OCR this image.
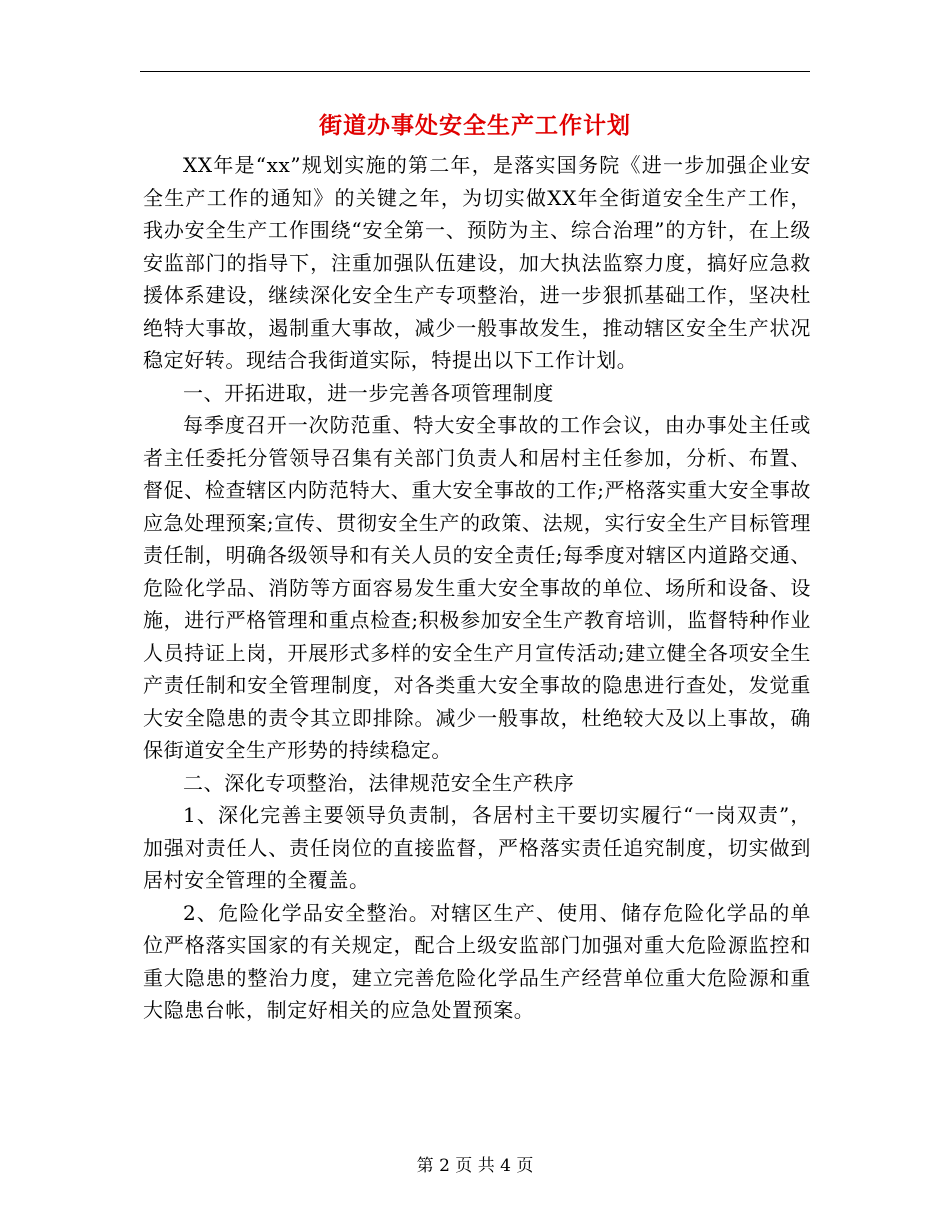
街道办事处安全生产工作计划

XX年是“xx”规划实施的第二年，是落实国务院《进一步加强企业安全生产工作的通知》的关键之年，为切实做XX年全街道安全生产工作，我办安全生产工作围绕“安全第一、预防为主、综合治理”的方针，在上级安监部门的指导下，注重加强队伍建设，加大执法监察力度，搞好应急救援体系建设，继续深化安全生产专项整治，进一步狠抓基础工作，坚决杜绝特大事故，遏制重大事故，减少一般事故发生，推动辖区安全生产状况稳定好转。现结合我街道实际，特提出以下工作计划。

一、开拓进取，进一步完善各项管理制度

每季度召开一次防范重、特大安全事故的工作会议，由办事处主任或者主任委托分管领导召集有关部门负责人和居村主任参加，分析、布置、督促、检查辖区内防范特大、重大安全事故的工作;严格落实重大安全事故应急处理预案;宣传、贯彻安全生产的政策、法规，实行安全生产目标管理责任制，明确各级领导和有关人员的安全责任;每季度对辖区内道路交通、危险化学品、消防等方面容易发生重大安全事故的单位、场所和设备、设施，进行严格管理和重点检查;积极参加安全生产教育培训，监督特种作业人员持证上岗，开展形式多样的安全生产月宣传活动;建立健全各项安全生产责任制和安全管理制度，对各类重大安全事故的隐患进行查处，发觉重大安全隐患的责令其立即排除。减少一般事故，杜绝较大及以上事故，确保街道安全生产形势的持续稳定。

二、深化专项整治，法律规范安全生产秩序

1、深化完善主要领导负责制，各居村主干要切实履行“一岗双责”，加强对责任人、责任岗位的直接监督，严格落实责任追究制度，切实做到居村安全管理的全覆盖。

2、危险化学品安全整治。对辖区生产、使用、储存危险化学品的单位严格落实国家的有关规定，配合上级安监部门加强对重大危险源监控和重大隐患的整治力度，建立完善危险化学品生产经营单位重大危险源和重大隐患台帐，制定好相关的应急处置预案。

第 2 页 共 4 页
